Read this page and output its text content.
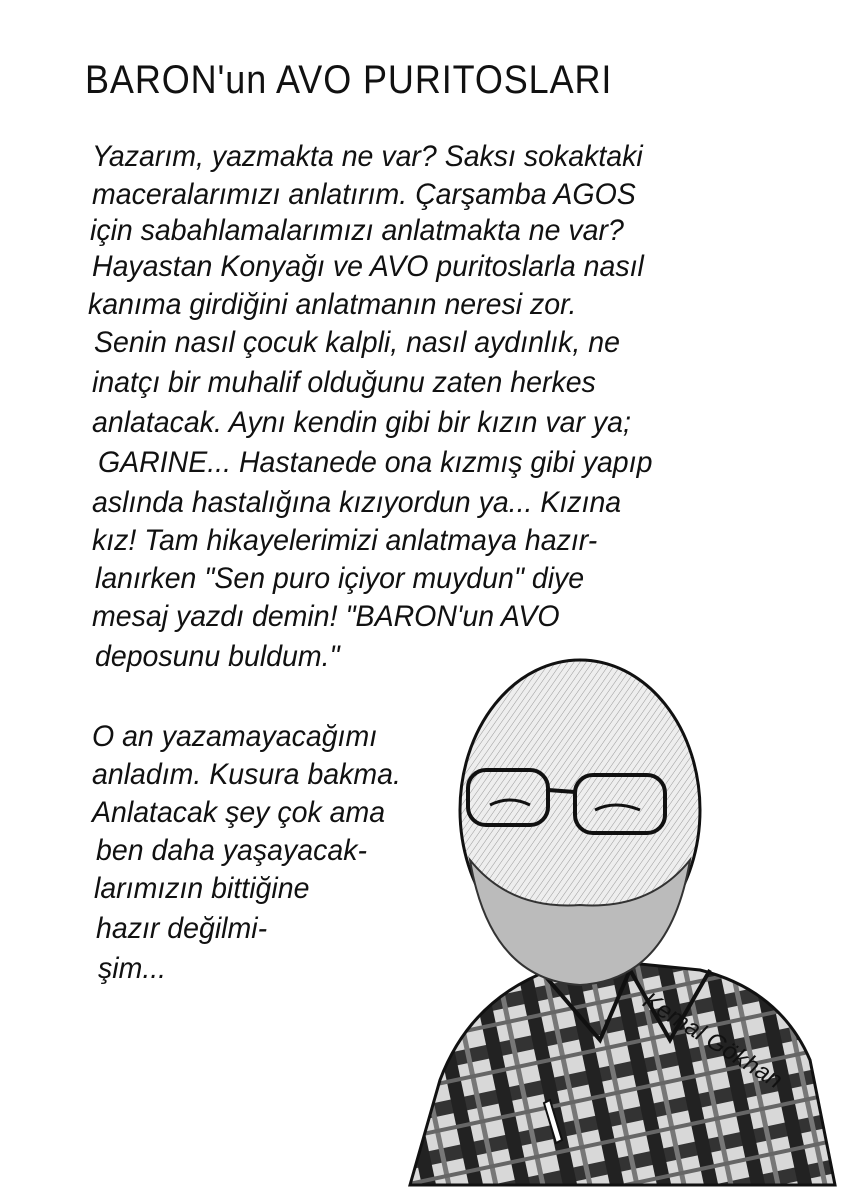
BARON'un AVO PURITOSLARI
Yazarım, yazmakta ne var? Saksı sokaktaki
maceralarımızı anlatırım. Çarşamba AGOS
için sabahlamalarımızı anlatmakta ne var?
Hayastan Konyağı ve AVO puritoslarla nasıl
kanıma girdiğini anlatmanın neresi zor.
Senin nasıl çocuk kalpli, nasıl aydınlık, ne
inatçı bir muhalif olduğunu zaten herkes
anlatacak. Aynı kendin gibi bir kızın var ya;
GARINE... Hastanede ona kızmış gibi yapıp
aslında hastalığına kızıyordun ya... Kızına
kız! Tam hikayelerimizi anlatmaya hazır-
lanırken "Sen puro içiyor muydun" diye
mesaj yazdı demin! "BARON'un AVO
deposunu buldum."
O an yazamayacağımı
anladım. Kusura bakma.
Anlatacak şey çok ama
ben daha yaşayacak-
larımızın bittiğine
hazır değilmi-
şim...
Kemal Gökhan
